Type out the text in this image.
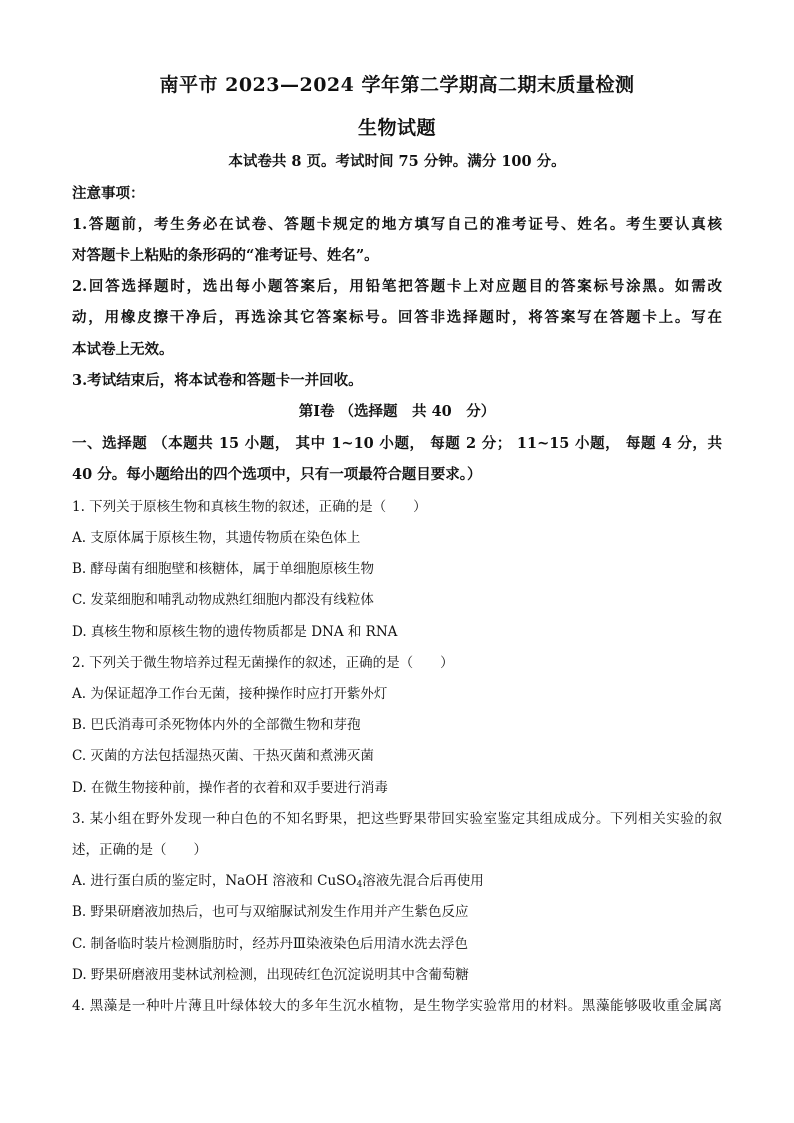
南平市 2023—2024 学年第二学期高二期末质量检测
生物试题
本试卷共 8 页。考试时间 75 分钟。满分 100 分。
注意事项：
1.答题前，考生务必在试卷、答题卡规定的地方填写自己的准考证号、姓名。考生要认真核
对答题卡上粘贴的条形码的“准考证号、姓名”。
2.回答选择题时，选出每小题答案后，用铅笔把答题卡上对应题目的答案标号涂黑。如需改
动，用橡皮擦干净后，再选涂其它答案标号。回答非选择题时，将答案写在答题卡上。写在
本试卷上无效。
3.考试结束后，将本试卷和答题卡一并回收。
第Ⅰ卷 （选择题　共 40　分）
一、选择题 （本题共 15 小题， 其中 1~10 小题， 每题 2 分； 11~15 小题， 每题 4 分，共
40 分。每小题给出的四个选项中，只有一项最符合题目要求。）
1. 下列关于原核生物和真核生物的叙述，正确的是（　　）
A. 支原体属于原核生物，其遗传物质在染色体上
B. 酵母菌有细胞壁和核糖体，属于单细胞原核生物
C. 发菜细胞和哺乳动物成熟红细胞内都没有线粒体
D. 真核生物和原核生物的遗传物质都是 DNA 和 RNA
2. 下列关于微生物培养过程无菌操作的叙述，正确的是（　　）
A. 为保证超净工作台无菌，接种操作时应打开紫外灯
B. 巴氏消毒可杀死物体内外的全部微生物和芽孢
C. 灭菌的方法包括湿热灭菌、干热灭菌和煮沸灭菌
D. 在微生物接种前，操作者的衣着和双手要进行消毒
3. 某小组在野外发现一种白色的不知名野果，把这些野果带回实验室鉴定其组成成分。下列相关实验的叙
述，正确的是（　　）
A. 进行蛋白质的鉴定时，NaOH 溶液和 CuSO$_4$溶液先混合后再使用
B. 野果研磨液加热后，也可与双缩脲试剂发生作用并产生紫色反应
C. 制备临时装片检测脂肪时，经苏丹Ⅲ染液染色后用清水洗去浮色
D. 野果研磨液用斐林试剂检测，出现砖红色沉淀说明其中含葡萄糖
4. 黑藻是一种叶片薄且叶绿体较大的多年生沉水植物，是生物学实验常用的材料。黑藻能够吸收重金属离
